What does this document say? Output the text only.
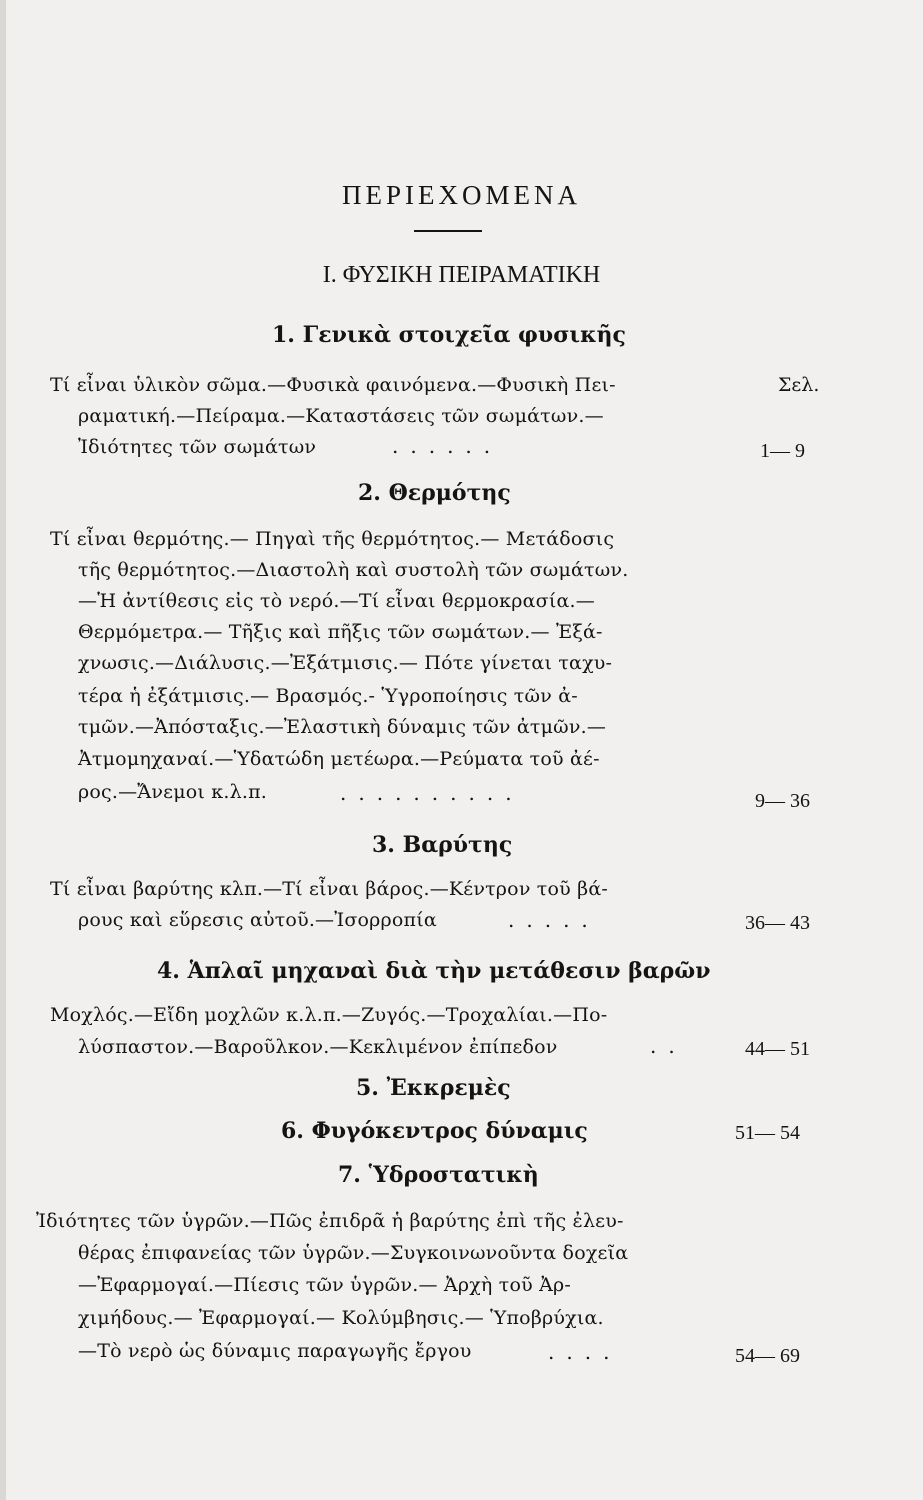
ΠΕΡΙΕΧΟΜΕΝΑ
Ι. ΦΥΣΙΚΗ ΠΕΙΡΑΜΑΤΙΚΗ
1. Γενικὰ στοιχεῖα φυσικῆς
Τί εἶναι ὑλικὸν σῶμα.—Φυσικὰ φαινόμενα.—Φυσικὴ Πει-	Σελ.
ραματική.—Πείραμα.—Καταστάσεις τῶν σωμάτων.—
Ἰδιότητες τῶν σωμάτων	......	1— 9
2. Θερμότης
Τί εἶναι θερμότης.— Πηγαὶ τῆς θερμότητος.— Μετάδοσις
τῆς θερμότητος.—Διαστολὴ καὶ συστολὴ τῶν σωμάτων.
—Ἡ ἀντίθεσις εἰς τὸ νερό.—Τί εἶναι θερμοκρασία.—
Θερμόμετρα.— Τῆξις καὶ πῆξις τῶν σωμάτων.— Ἐξά-
χνωσις.—Διάλυσις.—Ἐξάτμισις.— Πότε γίνεται ταχυ-
τέρα ἡ ἐξάτμισις.— Βρασμός.- Ὑγροποίησις τῶν ἀ-
τμῶν.—Ἀπόσταξις.—Ἐλαστικὴ δύναμις τῶν ἀτμῶν.—
Ἀτμομηχαναί.—Ὑδατώδη μετέωρα.—Ρεύματα τοῦ ἀέ-
ρος.—Ἄνεμοι κ.λ.π.	..........	9— 36
3. Βαρύτης
Τί εἶναι βαρύτης κλπ.—Τί εἶναι βάρος.—Κέντρον τοῦ βά-
ρους καὶ εὕρεσις αὐτοῦ.—Ἰσορροπία	.....	36— 43
4. Ἁπλαῖ μηχαναὶ διὰ τὴν μετάθεσιν βαρῶν
Μοχλός.—Εἴδη μοχλῶν κ.λ.π.—Ζυγός.—Τροχαλίαι.—Πο-
λύσπαστον.—Βαροῦλκον.—Κεκλιμένον ἐπίπεδον	..	44— 51
5. Ἐκκρεμὲς
6. Φυγόκεντρος δύναμις	51— 54
7. Ὑδροστατικὴ
Ἰδιότητες τῶν ὑγρῶν.—Πῶς ἐπιδρᾶ ἡ βαρύτης ἐπὶ τῆς ἐλευ-
θέρας ἐπιφανείας τῶν ὑγρῶν.—Συγκοινωνοῦντα δοχεῖα
—Ἐφαρμογαί.—Πίεσις τῶν ὑγρῶν.— Ἀρχὴ τοῦ Ἀρ-
χιμήδους.— Ἐφαρμογαί.— Κολύμβησις.— Ὑποβρύχια.
—Τὸ νερὸ ὡς δύναμις παραγωγῆς ἔργου	....	54— 69
